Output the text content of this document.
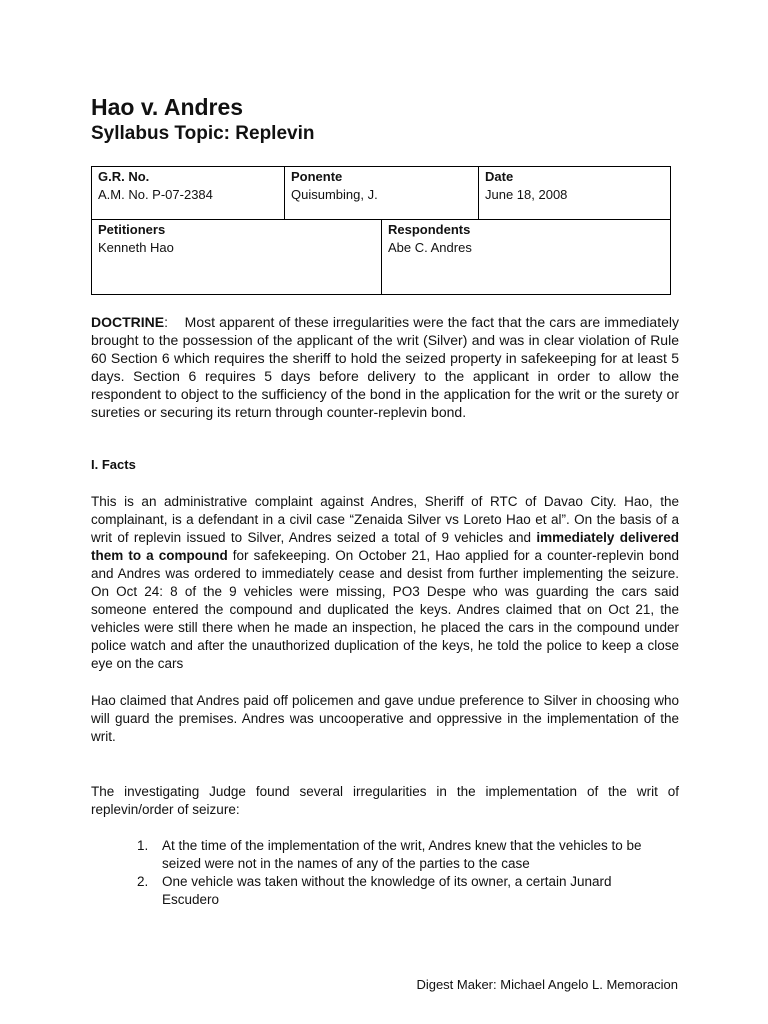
Hao v. Andres
Syllabus Topic: Replevin
G.R. No.
A.M. No. P-07-2384
Ponente
Quisumbing, J.
Date
June 18, 2008
Petitioners
Kenneth Hao
Respondents
Abe C. Andres

DOCTRINE:    Most apparent of these irregularities were the fact that the cars are immediately brought to the possession of the applicant of the writ (Silver) and was in clear violation of Rule 60 Section 6 which requires the sheriff to hold the seized property in safekeeping for at least 5 days. Section 6 requires 5 days before delivery to the applicant in order to allow the respondent to object to the sufficiency of the bond in the application for the writ or the surety or sureties or securing its return through counter-replevin bond.

I. Facts

This is an administrative complaint against Andres, Sheriff of RTC of Davao City. Hao, the complainant, is a defendant in a civil case “Zenaida Silver vs Loreto Hao et al”. On the basis of a writ of replevin issued to Silver, Andres seized a total of 9 vehicles and immediately delivered them to a compound for safekeeping. On October 21, Hao applied for a counter-replevin bond and Andres was ordered to immediately cease and desist from further implementing the seizure. On Oct 24: 8 of the 9 vehicles were missing, PO3 Despe who was guarding the cars said someone entered the compound and duplicated the keys. Andres claimed that on Oct 21, the vehicles were still there when he made an inspection, he placed the cars in the compound under police watch and after the unauthorized duplication of the keys, he told the police to keep a close eye on the cars

Hao claimed that Andres paid off policemen and gave undue preference to Silver in choosing who will guard the premises. Andres was uncooperative and oppressive in the implementation of the writ.

The investigating Judge found several irregularities in the implementation of the writ of replevin/order of seizure:

1. At the time of the implementation of the writ, Andres knew that the vehicles to be seized were not in the names of any of the parties to the case
2. One vehicle was taken without the knowledge of its owner, a certain Junard Escudero

Digest Maker: Michael Angelo L. Memoracion
